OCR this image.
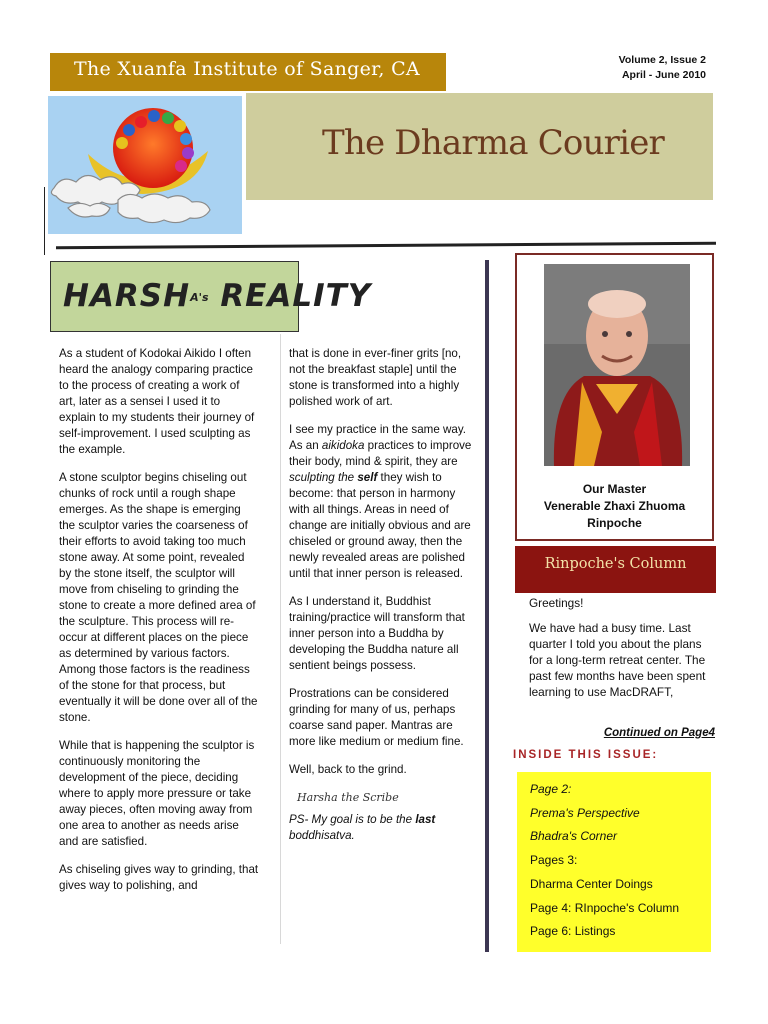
The Xuanfa Institute of Sanger, CA	Volume 2, Issue 2
April - June 2010
The Dharma Courier
HARSHA's REALITY

As a student of Kodokai Aikido I often heard the analogy comparing practice to the process of creating a work of art, later as a sensei I used it to explain to my students their journey of self-improvement. I used sculpting as the example.

A stone sculptor begins chiseling out chunks of rock until a rough shape emerges. As the shape is emerging the sculptor varies the coarseness of their efforts to avoid taking too much stone away. At some point, revealed by the stone itself, the sculptor will move from chiseling to grinding the stone to create a more defined area of the sculpture. This process will re-occur at different places on the piece as determined by various factors. Among those factors is the readiness of the stone for that process, but eventually it will be done over all of the stone.

While that is happening the sculptor is continuously monitoring the development of the piece, deciding where to apply more pressure or take away pieces, often moving away from one area to another as needs arise and are satisfied.

As chiseling gives way to grinding, that gives way to polishing, and

that is done in ever-finer grits [no, not the breakfast staple] until the stone is transformed into a highly polished work of art.

I see my practice in the same way. As an aikidoka practices to improve their body, mind & spirit, they are sculpting the self they wish to become: that person in harmony with all things. Areas in need of change are initially obvious and are chiseled or ground away, then the newly revealed areas are polished until that inner person is released.

As I understand it, Buddhist training/practice will transform that inner person into a Buddha by developing the Buddha nature all sentient beings possess.

Prostrations can be considered grinding for many of us, perhaps coarse sand paper. Mantras are more like medium or medium fine.

Well, back to the grind.

Harsha the Scribe

PS- My goal is to be the last boddhisatva.

Our Master
Venerable Zhaxi Zhuoma
Rinpoche
Rinpoche's Column

Greetings!

We have had a busy time. Last quarter I told you about the plans for a long-term retreat center. The past few months have been spent learning to use MacDRAFT,

Continued on Page4
INSIDE THIS ISSUE:
Page 2:
Prema's Perspective
Bhadra's Corner
Pages 3:
Dharma Center Doings
Page 4: RInpoche's Column
Page 6: Listings
